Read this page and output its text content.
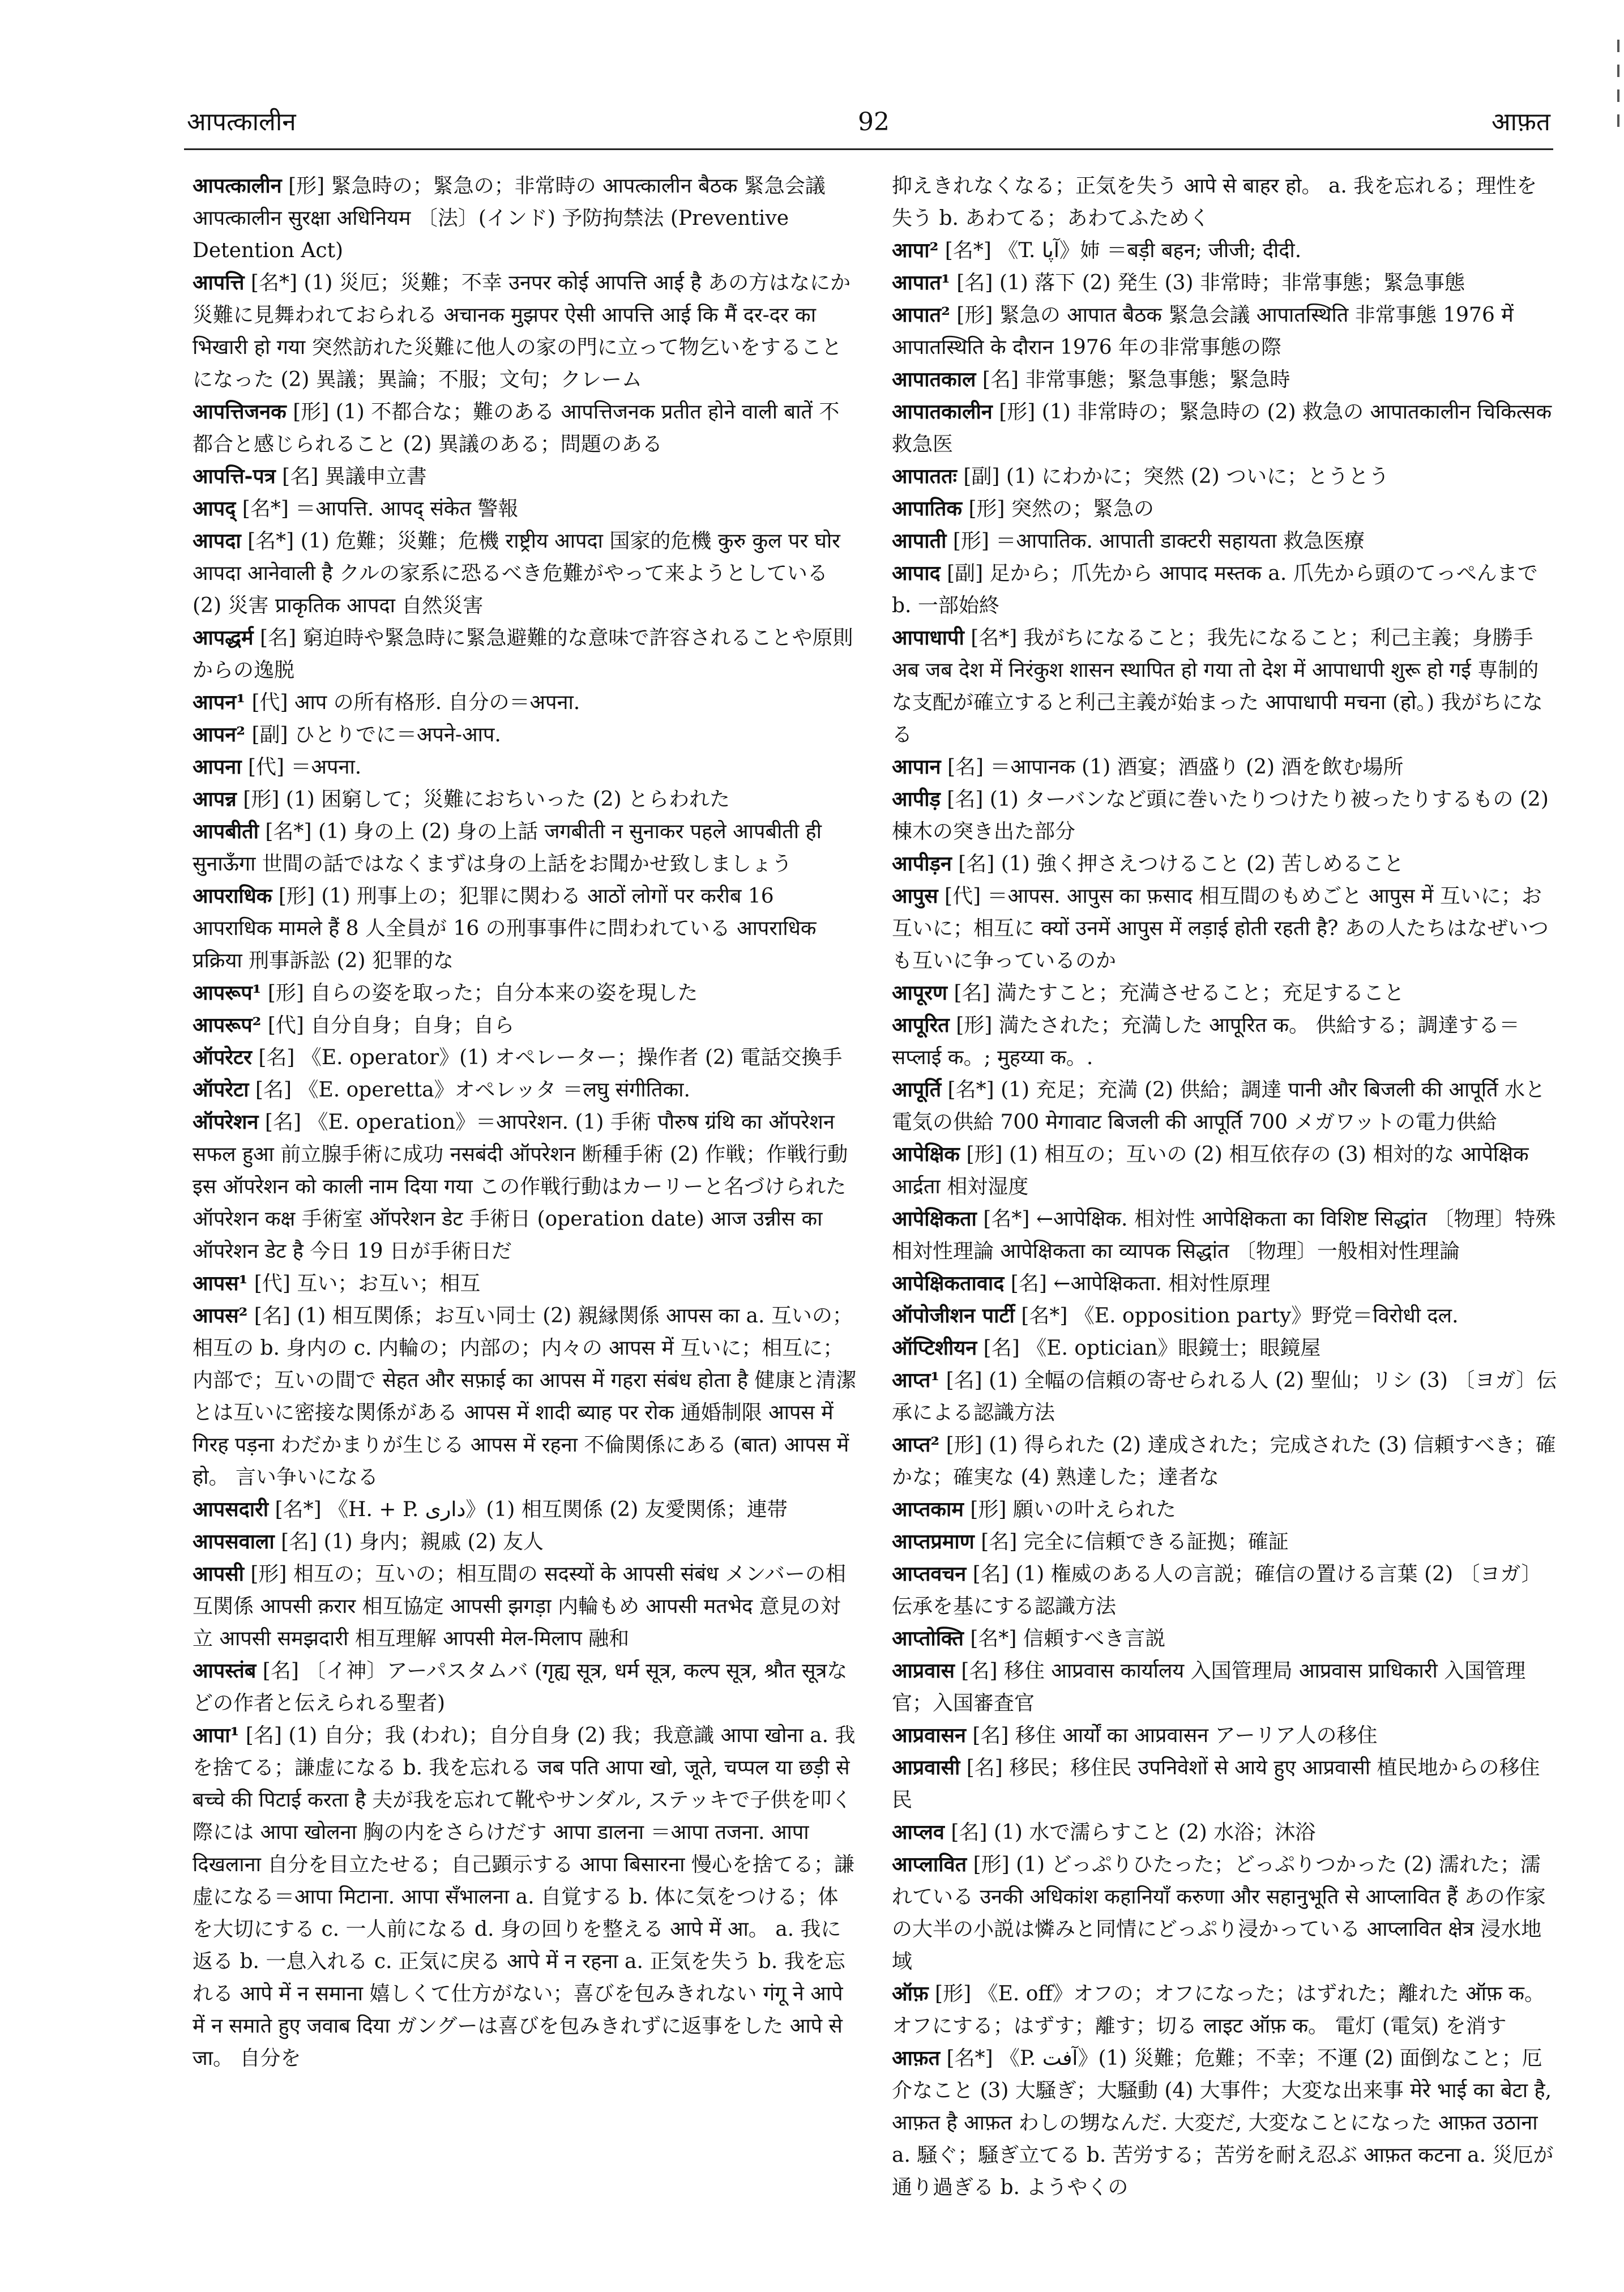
आपत्कालीन	92	आफ़त

आपत्कालीन [形] 緊急時の；緊急の；非常時の आपत्कालीन बैठक 緊急会議 आपत्कालीन सुरक्षा अधिनियम 〔法〕(インド) 予防拘禁法 (Preventive Detention Act)

आपत्ति [名*] (1) 災厄；災難；不幸 उनपर कोई आपत्ति आई है あの方はなにか災難に見舞われておられる अचानक मुझपर ऐसी आपत्ति आई कि मैं दर-दर का भिखारी हो गया 突然訪れた災難に他人の家の門に立って物乞いをすることになった (2) 異議；異論；不服；文句；クレーム

आपत्तिजनक [形] (1) 不都合な；難のある आपत्तिजनक प्रतीत होने वाली बातें 不都合と感じられること (2) 異議のある；問題のある

आपत्ति-पत्र [名] 異議申立書

आपद् [名*] ＝आपत्ति. आपद् संकेत 警報

आपदा [名*] (1) 危難；災難；危機 राष्ट्रीय आपदा 国家的危機 कुरु कुल पर घोर आपदा आनेवाली है クルの家系に恐るべき危難がやって来ようとしている (2) 災害 प्राकृतिक आपदा 自然災害

आपद्धर्म [名] 窮迫時や緊急時に緊急避難的な意味で許容されることや原則からの逸脱

आपन¹ [代] आप の所有格形. 自分の＝अपना.

आपन² [副] ひとりでに＝अपने-आप.

आपना [代] ＝अपना.

आपन्न [形] (1) 困窮して；災難におちいった (2) とらわれた

आपबीती [名*] (1) 身の上 (2) 身の上話 जगबीती न सुनाकर पहले आपबीती ही सुनाऊँगा 世間の話ではなくまずは身の上話をお聞かせ致しましょう

आपराधिक [形] (1) 刑事上の；犯罪に関わる आठों लोगों पर करीब 16 आपराधिक मामले हैं 8 人全員が 16 の刑事事件に問われている आपराधिक प्रक्रिया 刑事訴訟 (2) 犯罪的な

आपरूप¹ [形] 自らの姿を取った；自分本来の姿を現した

आपरूप² [代] 自分自身；自身；自ら

ऑपरेटर [名] 《E. operator》(1) オペレーター；操作者 (2) 電話交換手

ऑपरेटा [名] 《E. operetta》オペレッタ ＝लघु संगीतिका.

ऑपरेशन [名] 《E. operation》＝आपरेशन. (1) 手術 पौरुष ग्रंथि का ऑपरेशन सफल हुआ 前立腺手術に成功 नसबंदी ऑपरेशन 断種手術 (2) 作戦；作戦行動 इस ऑपरेशन को काली नाम दिया गया この作戦行動はカーリーと名づけられた ऑपरेशन कक्ष 手術室 ऑपरेशन डेट 手術日 (operation date) आज उन्नीस का ऑपरेशन डेट है 今日 19 日が手術日だ

आपस¹ [代] 互い；お互い；相互

आपस² [名] (1) 相互関係；お互い同士 (2) 親縁関係 आपस का a. 互いの；相互の b. 身内の c. 内輪の；内部の；内々の आपस में 互いに；相互に；内部で；互いの間で सेहत और सफ़ाई का आपस में गहरा संबंध होता है 健康と清潔とは互いに密接な関係がある आपस में शादी ब्याह पर रोक 通婚制限 आपस में गिरह पड़ना わだかまりが生じる आपस में रहना 不倫関係にある (बात) आपस में हो。 言い争いになる

आपसदारी [名*] 《H. + P. داری》(1) 相互関係 (2) 友愛関係；連帯

आपसवाला [名] (1) 身内；親戚 (2) 友人

आपसी [形] 相互の；互いの；相互間の सदस्यों के आपसी संबंध メンバーの相互関係 आपसी क़रार 相互協定 आपसी झगड़ा 内輪もめ आपसी मतभेद 意見の対立 आपसी समझदारी 相互理解 आपसी मेल-मिलाप 融和

आपस्तंब [名] 〔イ神〕アーパスタムバ (गृह्य सूत्र, धर्म सूत्र, कल्प सूत्र, श्रौत सूत्रなどの作者と伝えられる聖者)

आपा¹ [名] (1) 自分；我 (われ)；自分自身 (2) 我；我意識 आपा खोना a. 我を捨てる；謙虚になる b. 我を忘れる जब पति आपा खो, जूते, चप्पल या छड़ी से बच्चे की पिटाई करता है 夫が我を忘れて靴やサンダル, ステッキで子供を叩く際には आपा खोलना 胸の内をさらけだす आपा डालना ＝आपा तजना. आपा दिखलाना 自分を目立たせる；自己顕示する आपा बिसारना 慢心を捨てる；謙虚になる＝आपा मिटाना. आपा सँभालना a. 自覚する b. 体に気をつける；体を大切にする c. 一人前になる d. 身の回りを整える आपे में आ。 a. 我に返る b. 一息入れる c. 正気に戻る आपे में न रहना a. 正気を失う b. 我を忘れる आपे में न समाना 嬉しくて仕方がない；喜びを包みきれない गंगू ने आपे में न समाते हुए जवाब दिया ガングーは喜びを包みきれずに返事をした आपे से जा。 自分を

抑えきれなくなる；正気を失う आपे से बाहर हो。 a. 我を忘れる；理性を失う b. あわてる；あわてふためく

आपा² [名*] 《T. آپا》姉 ＝बड़ी बहन; जीजी; दीदी.

आपात¹ [名] (1) 落下 (2) 発生 (3) 非常時；非常事態；緊急事態

आपात² [形] 緊急の आपात बैठक 緊急会議 आपातस्थिति 非常事態 1976 में आपातस्थिति के दौरान 1976 年の非常事態の際

आपातकाल [名] 非常事態；緊急事態；緊急時

आपातकालीन [形] (1) 非常時の；緊急時の (2) 救急の आपातकालीन चिकित्सक 救急医

आपाततः [副] (1) にわかに；突然 (2) ついに；とうとう

आपातिक [形] 突然の；緊急の

आपाती [形] ＝आपातिक. आपाती डाक्टरी सहायता 救急医療

आपाद [副] 足から；爪先から आपाद मस्तक a. 爪先から頭のてっぺんまで b. 一部始終

आपाधापी [名*] 我がちになること；我先になること；利己主義；身勝手 अब जब देश में निरंकुश शासन स्थापित हो गया तो देश में आपाधापी शुरू हो गई 専制的な支配が確立すると利己主義が始まった आपाधापी मचना (हो。) 我がちになる

आपान [名] ＝आपानक (1) 酒宴；酒盛り (2) 酒を飲む場所

आपीड़ [名] (1) ターバンなど頭に巻いたりつけたり被ったりするもの (2) 棟木の突き出た部分

आपीड़न [名] (1) 強く押さえつけること (2) 苦しめること

आपुस [代] ＝आपस. आपुस का फ़साद 相互間のもめごと आपुस में 互いに；お互いに；相互に क्यों उनमें आपुस में लड़ाई होती रहती है? あの人たちはなぜいつも互いに争っているのか

आपूरण [名] 満たすこと；充満させること；充足すること

आपूरित [形] 満たされた；充満した आपूरित क。 供給する；調達する＝सप्लाई क。; मुहय्या क。.

आपूर्ति [名*] (1) 充足；充満 (2) 供給；調達 पानी और बिजली की आपूर्ति 水と電気の供給 700 मेगावाट बिजली की आपूर्ति 700 メガワットの電力供給

आपेक्षिक [形] (1) 相互の；互いの (2) 相互依存の (3) 相対的な आपेक्षिक आर्द्रता 相対湿度

आपेक्षिकता [名*] ←आपेक्षिक. 相対性 आपेक्षिकता का विशिष्ट सिद्धांत 〔物理〕特殊相対性理論 आपेक्षिकता का व्यापक सिद्धांत 〔物理〕一般相対性理論

आपेक्षिकतावाद [名] ←आपेक्षिकता. 相対性原理

ऑपोजीशन पार्टी [名*] 《E. opposition party》野党＝विरोधी दल.

ऑप्टिशीयन [名] 《E. optician》眼鏡士；眼鏡屋

आप्त¹ [名] (1) 全幅の信頼の寄せられる人 (2) 聖仙；リシ (3) 〔ヨガ〕伝承による認識方法

आप्त² [形] (1) 得られた (2) 達成された；完成された (3) 信頼すべき；確かな；確実な (4) 熟達した；達者な

आप्तकाम [形] 願いの叶えられた

आप्तप्रमाण [名] 完全に信頼できる証拠；確証

आप्तवचन [名] (1) 権威のある人の言説；確信の置ける言葉 (2) 〔ヨガ〕伝承を基にする認識方法

आप्तोक्ति [名*] 信頼すべき言説

आप्रवास [名] 移住 आप्रवास कार्यालय 入国管理局 आप्रवास प्राधिकारी 入国管理官；入国審査官

आप्रवासन [名] 移住 आर्यों का आप्रवासन アーリア人の移住

आप्रवासी [名] 移民；移住民 उपनिवेशों से आये हुए आप्रवासी 植民地からの移住民

आप्लव [名] (1) 水で濡らすこと (2) 水浴；沐浴

आप्लावित [形] (1) どっぷりひたった；どっぷりつかった (2) 濡れた；濡れている उनकी अधिकांश कहानियाँ करुणा और सहानुभूति से आप्लावित हैं あの作家の大半の小説は憐みと同情にどっぷり浸かっている आप्लावित क्षेत्र 浸水地域

ऑफ़ [形] 《E. off》オフの；オフになった；はずれた；離れた ऑफ़ क。 オフにする；はずす；離す；切る लाइट ऑफ़ क。 電灯 (電気) を消す

आफ़त [名*] 《P. آفت》(1) 災難；危難；不幸；不運 (2) 面倒なこと；厄介なこと (3) 大騒ぎ；大騒動 (4) 大事件；大変な出来事 मेरे भाई का बेटा है, आफ़त है आफ़त わしの甥なんだ. 大変だ, 大変なことになった आफ़त उठाना a. 騒ぐ；騒ぎ立てる b. 苦労する；苦労を耐え忍ぶ आफ़त कटना a. 災厄が通り過ぎる b. ようやくの
